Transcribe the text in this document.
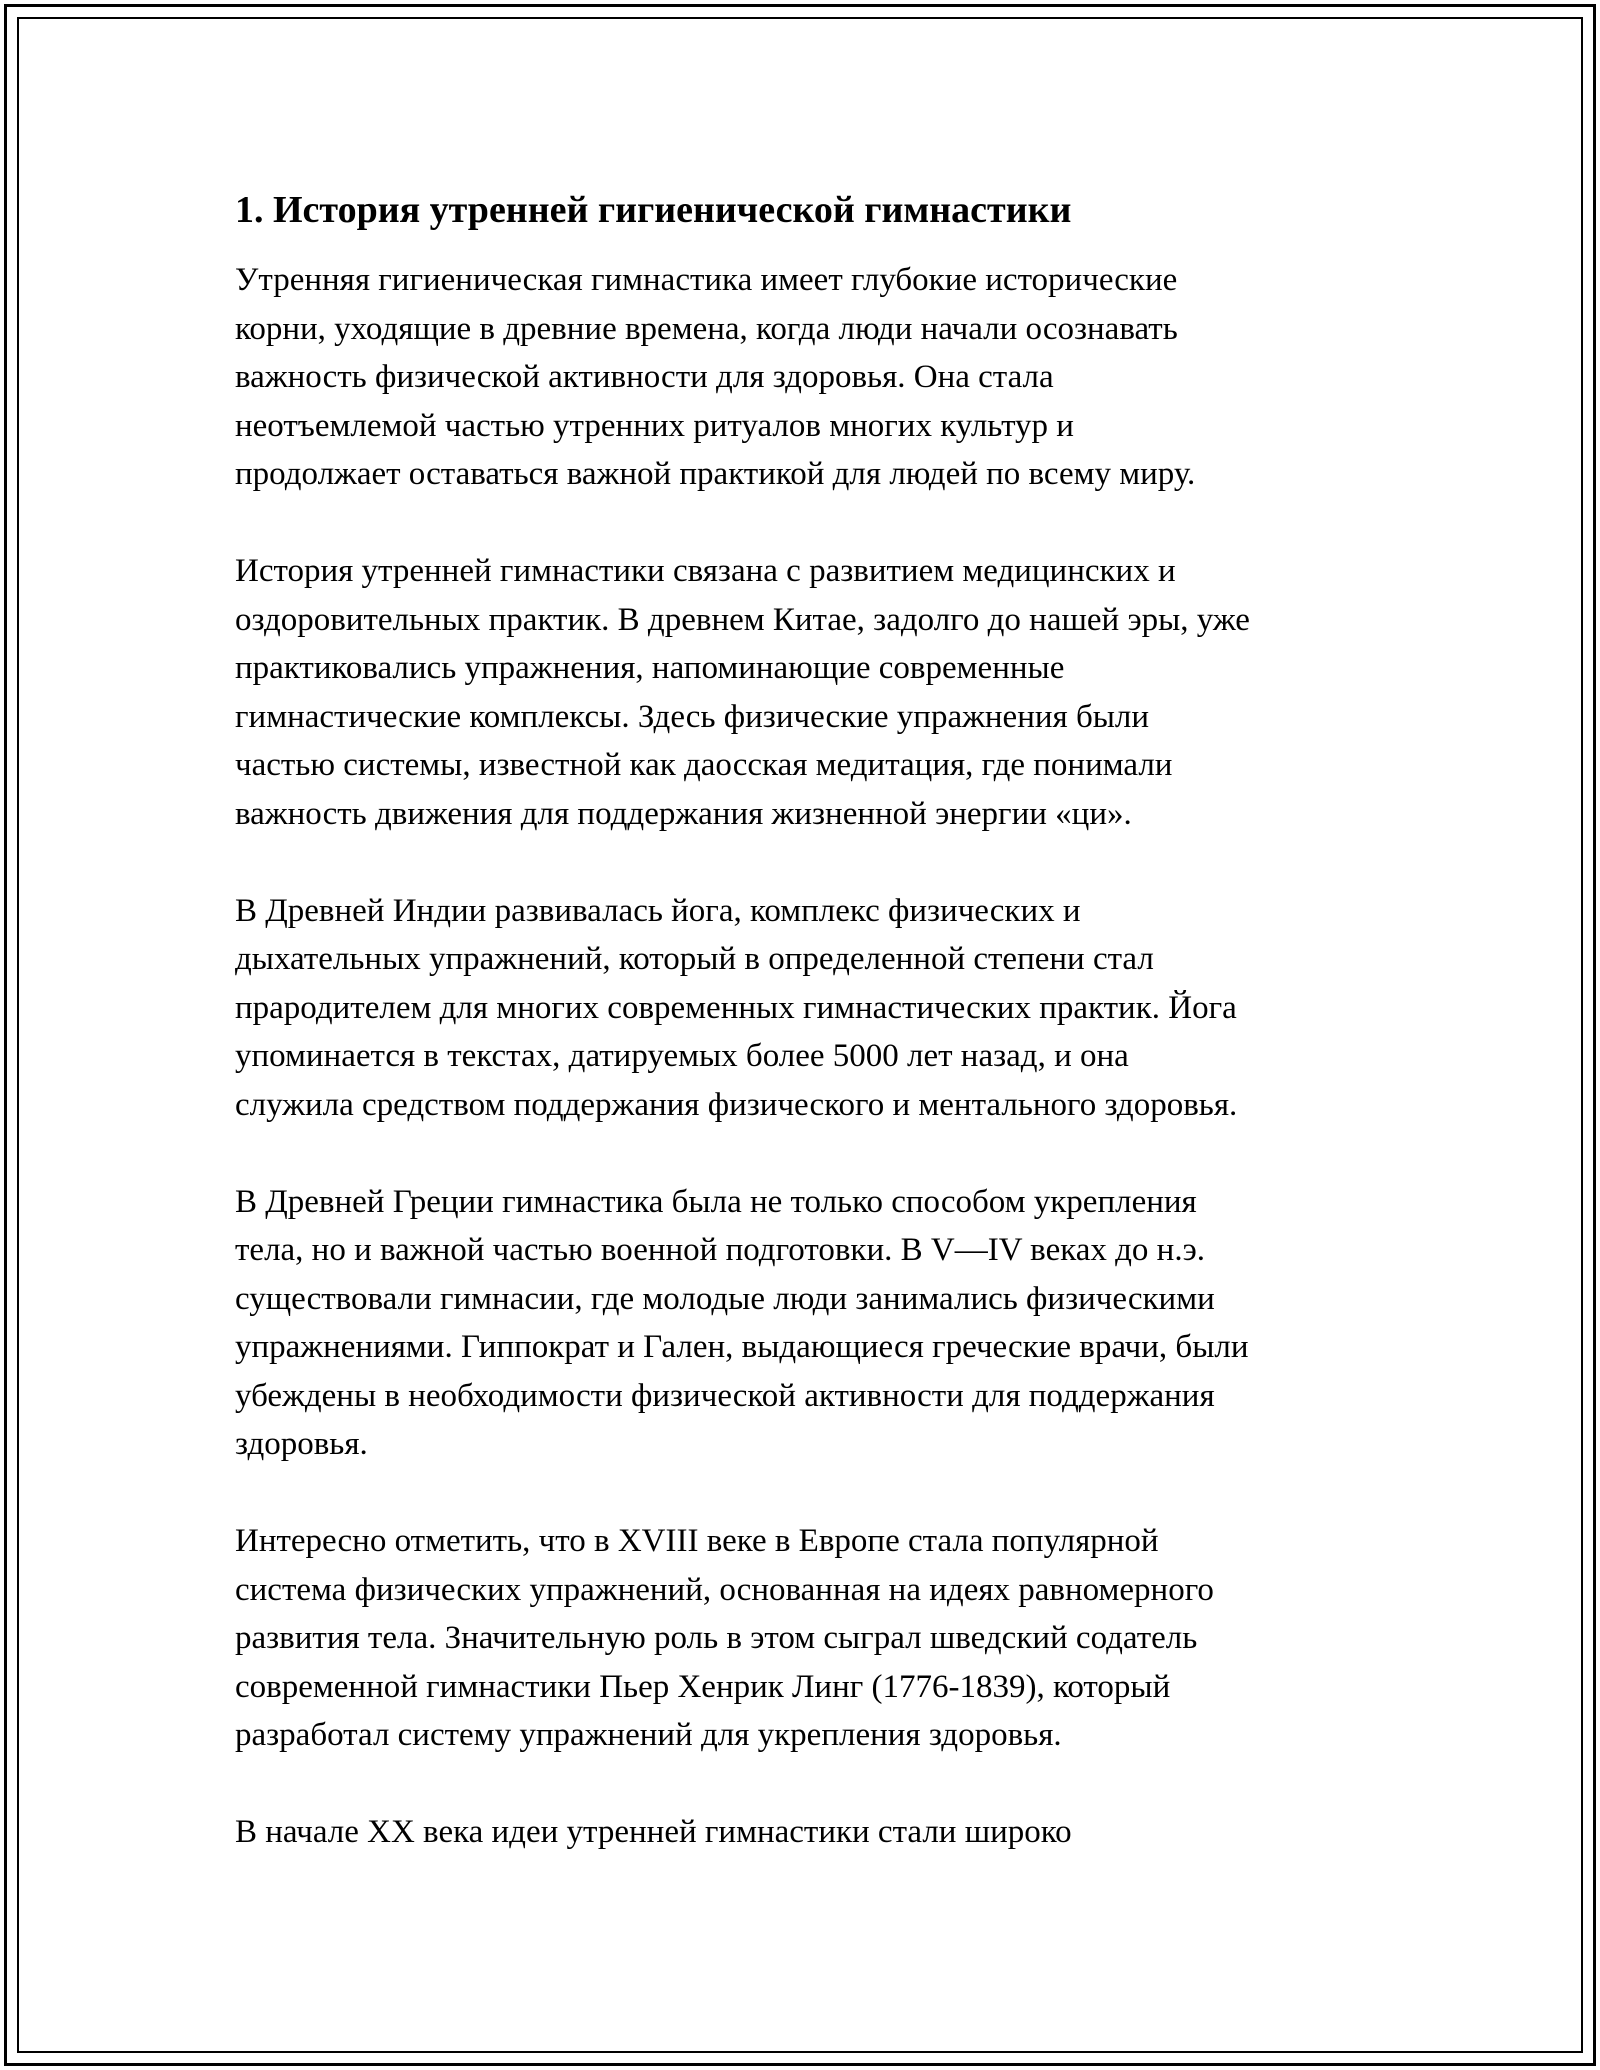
1. История утренней гигиенической гимнастики

Утренняя гигиеническая гимнастика имеет глубокие исторические
корни, уходящие в древние времена, когда люди начали осознавать
важность физической активности для здоровья. Она стала
неотъемлемой частью утренних ритуалов многих культур и
продолжает оставаться важной практикой для людей по всему миру.

История утренней гимнастики связана с развитием медицинских и
оздоровительных практик. В древнем Китае, задолго до нашей эры, уже
практиковались упражнения, напоминающие современные
гимнастические комплексы. Здесь физические упражнения были
частью системы, известной как даосская медитация, где понимали
важность движения для поддержания жизненной энергии «ци».

В Древней Индии развивалась йога, комплекс физических и
дыхательных упражнений, который в определенной степени стал
прародителем для многих современных гимнастических практик. Йога
упоминается в текстах, датируемых более 5000 лет назад, и она
служила средством поддержания физического и ментального здоровья.

В Древней Греции гимнастика была не только способом укрепления
тела, но и важной частью военной подготовки. В V—IV веках до н.э.
существовали гимнасии, где молодые люди занимались физическими
упражнениями. Гиппократ и Гален, выдающиеся греческие врачи, были
убеждены в необходимости физической активности для поддержания
здоровья.

Интересно отметить, что в XVIII веке в Европе стала популярной
система физических упражнений, основанная на идеях равномерного
развития тела. Значительную роль в этом сыграл шведский содатель
современной гимнастики Пьер Хенрик Линг (1776-1839), который
разработал систему упражнений для укрепления здоровья.

В начале XX века идеи утренней гимнастики стали широко
